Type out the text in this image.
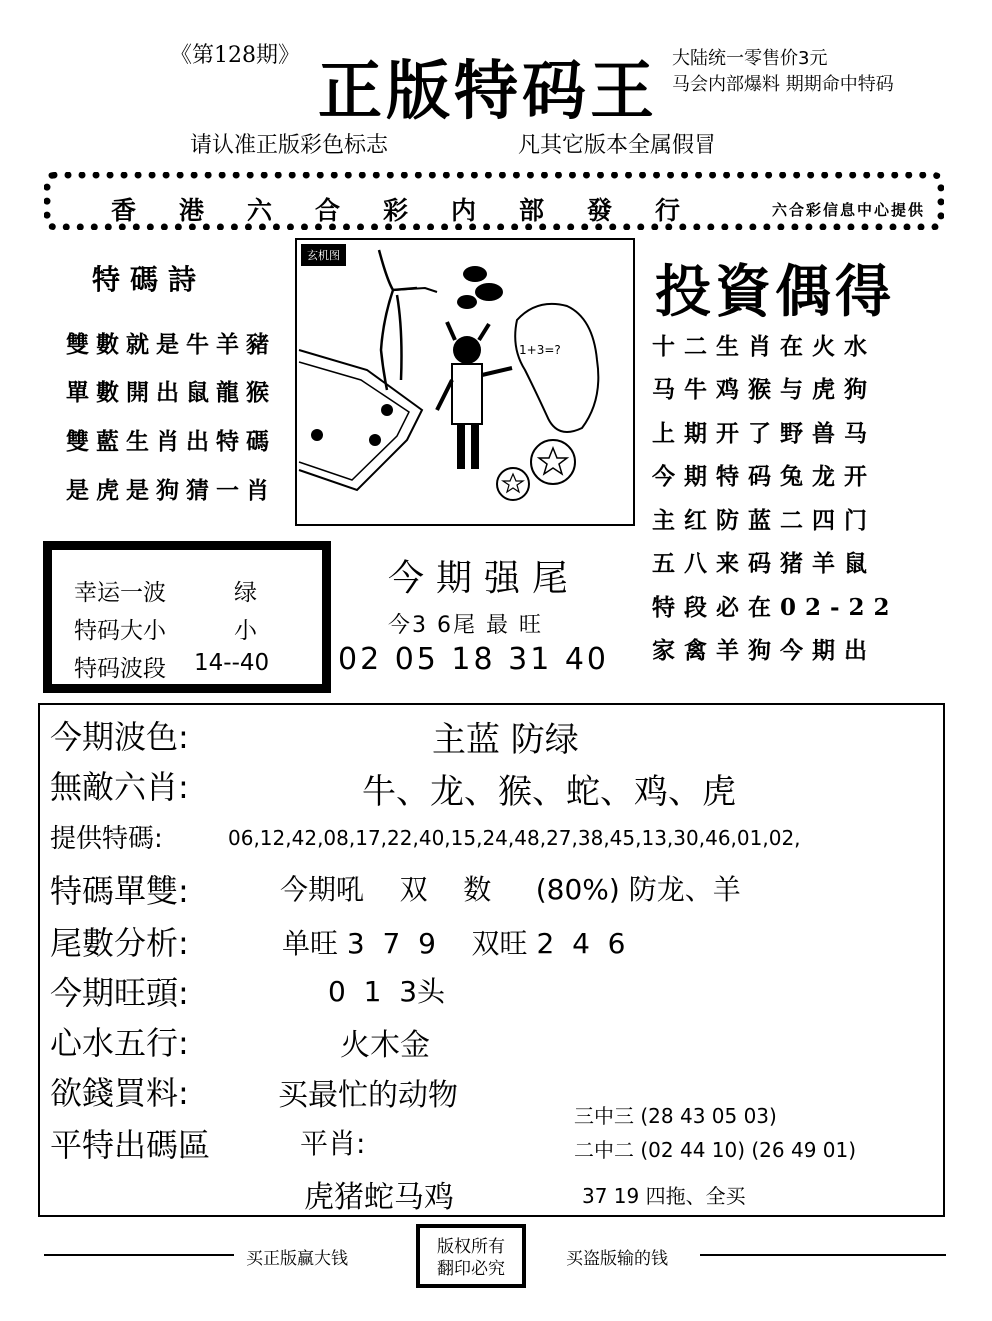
《第128期》 正版特码王 大陆统一零售价3元
马会内部爆料 期期命中特码
请认准正版彩色标志	凡其它版本全属假冒
香港六合彩内部發行	六合彩信息中心提供
特碼詩
雙數就是牛羊豬
單數開出鼠龍猴
雙藍生肖出特碼
是虎是狗猜一肖
玄机图
1+3=?
投資偶得
十二生肖在火水
马牛鸡猴与虎狗
上期开了野兽马
今期特码兔龙开
主红防蓝二四门
五八来码猪羊鼠
特段必在02-22
家禽羊狗今期出
幸运一波	绿
特码大小	小
特码波段 14--40
今期强尾
今3 6尾 最 旺
02 05 18 31 40
今期波色:	主蓝 防绿
無敵六肖:	牛、龙、猴、蛇、鸡、虎
提供特碼:	06,12,42,08,17,22,40,15,24,48,27,38,45,13,30,46,01,02,
特碼單雙:	今期吼    双    数     (80%) 防龙、羊
尾數分析:	单旺 3  7  9    双旺 2  4  6
今期旺頭:	0  1  3头
心水五行:	火木金
欲錢買料:	买最忙的动物
平特出碼區	平肖:
虎猪蛇马鸡
三中三 (28 43 05 03)
二中二 (02 44 10) (26 49 01)
37 19 四拖、全买
买正版赢大钱
版权所有
翻印必究	买盗版输的钱
